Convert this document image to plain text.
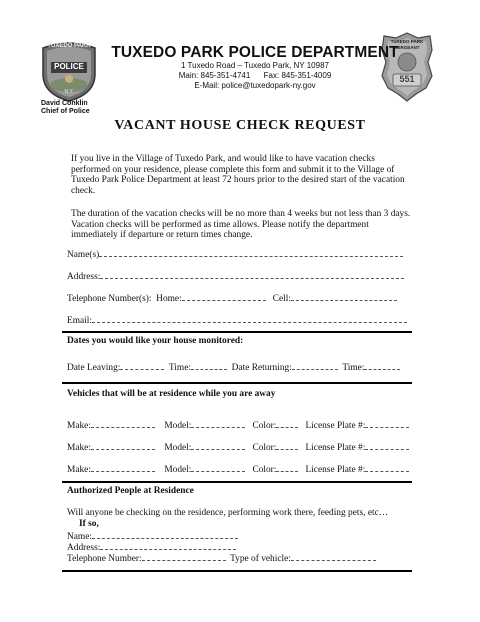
TUXEDO PARK
POLICE
N.Y.
TUXEDO PARK
SERGEANT
551
TUXEDO PARK POLICE DEPARTMENT
1 Tuxedo Road – Tuxedo Park, NY 10987
Main: 845-351-4741      Fax: 845-351-4009
E-Mail: police@tuxedopark-ny.gov
David Conklin
Chief of Police
VACANT HOUSE CHECK REQUEST
If you live in the Village of Tuxedo Park, and would like to have vacation checks performed on your residence, please complete this form and submit it to the Village of Tuxedo Park Police Department at least 72 hours prior to the desired start of the vacation check.
The duration of the vacation checks will be no more than 4 weeks but not less than 3 days. Vacation checks will be performed as time allows. Please notify the department immediately if departure or return times change.
Name(s)
Address:
Telephone Number(s): Home:	Cell:
Email:
Dates you would like your house monitored:
Date Leaving:	Time:	Date Returning:	Time:
Vehicles that will be at residence while you are away
Make:	Model:	Color:	License Plate #:
Make:	Model:	Color:	License Plate #:
Make:	Model:	Color:	License Plate #:
Authorized People at Residence
Will anyone be checking on the residence, performing work there, feeding pets, etc…
If so,
Name:
Address:
Telephone Number:	Type of vehicle:
